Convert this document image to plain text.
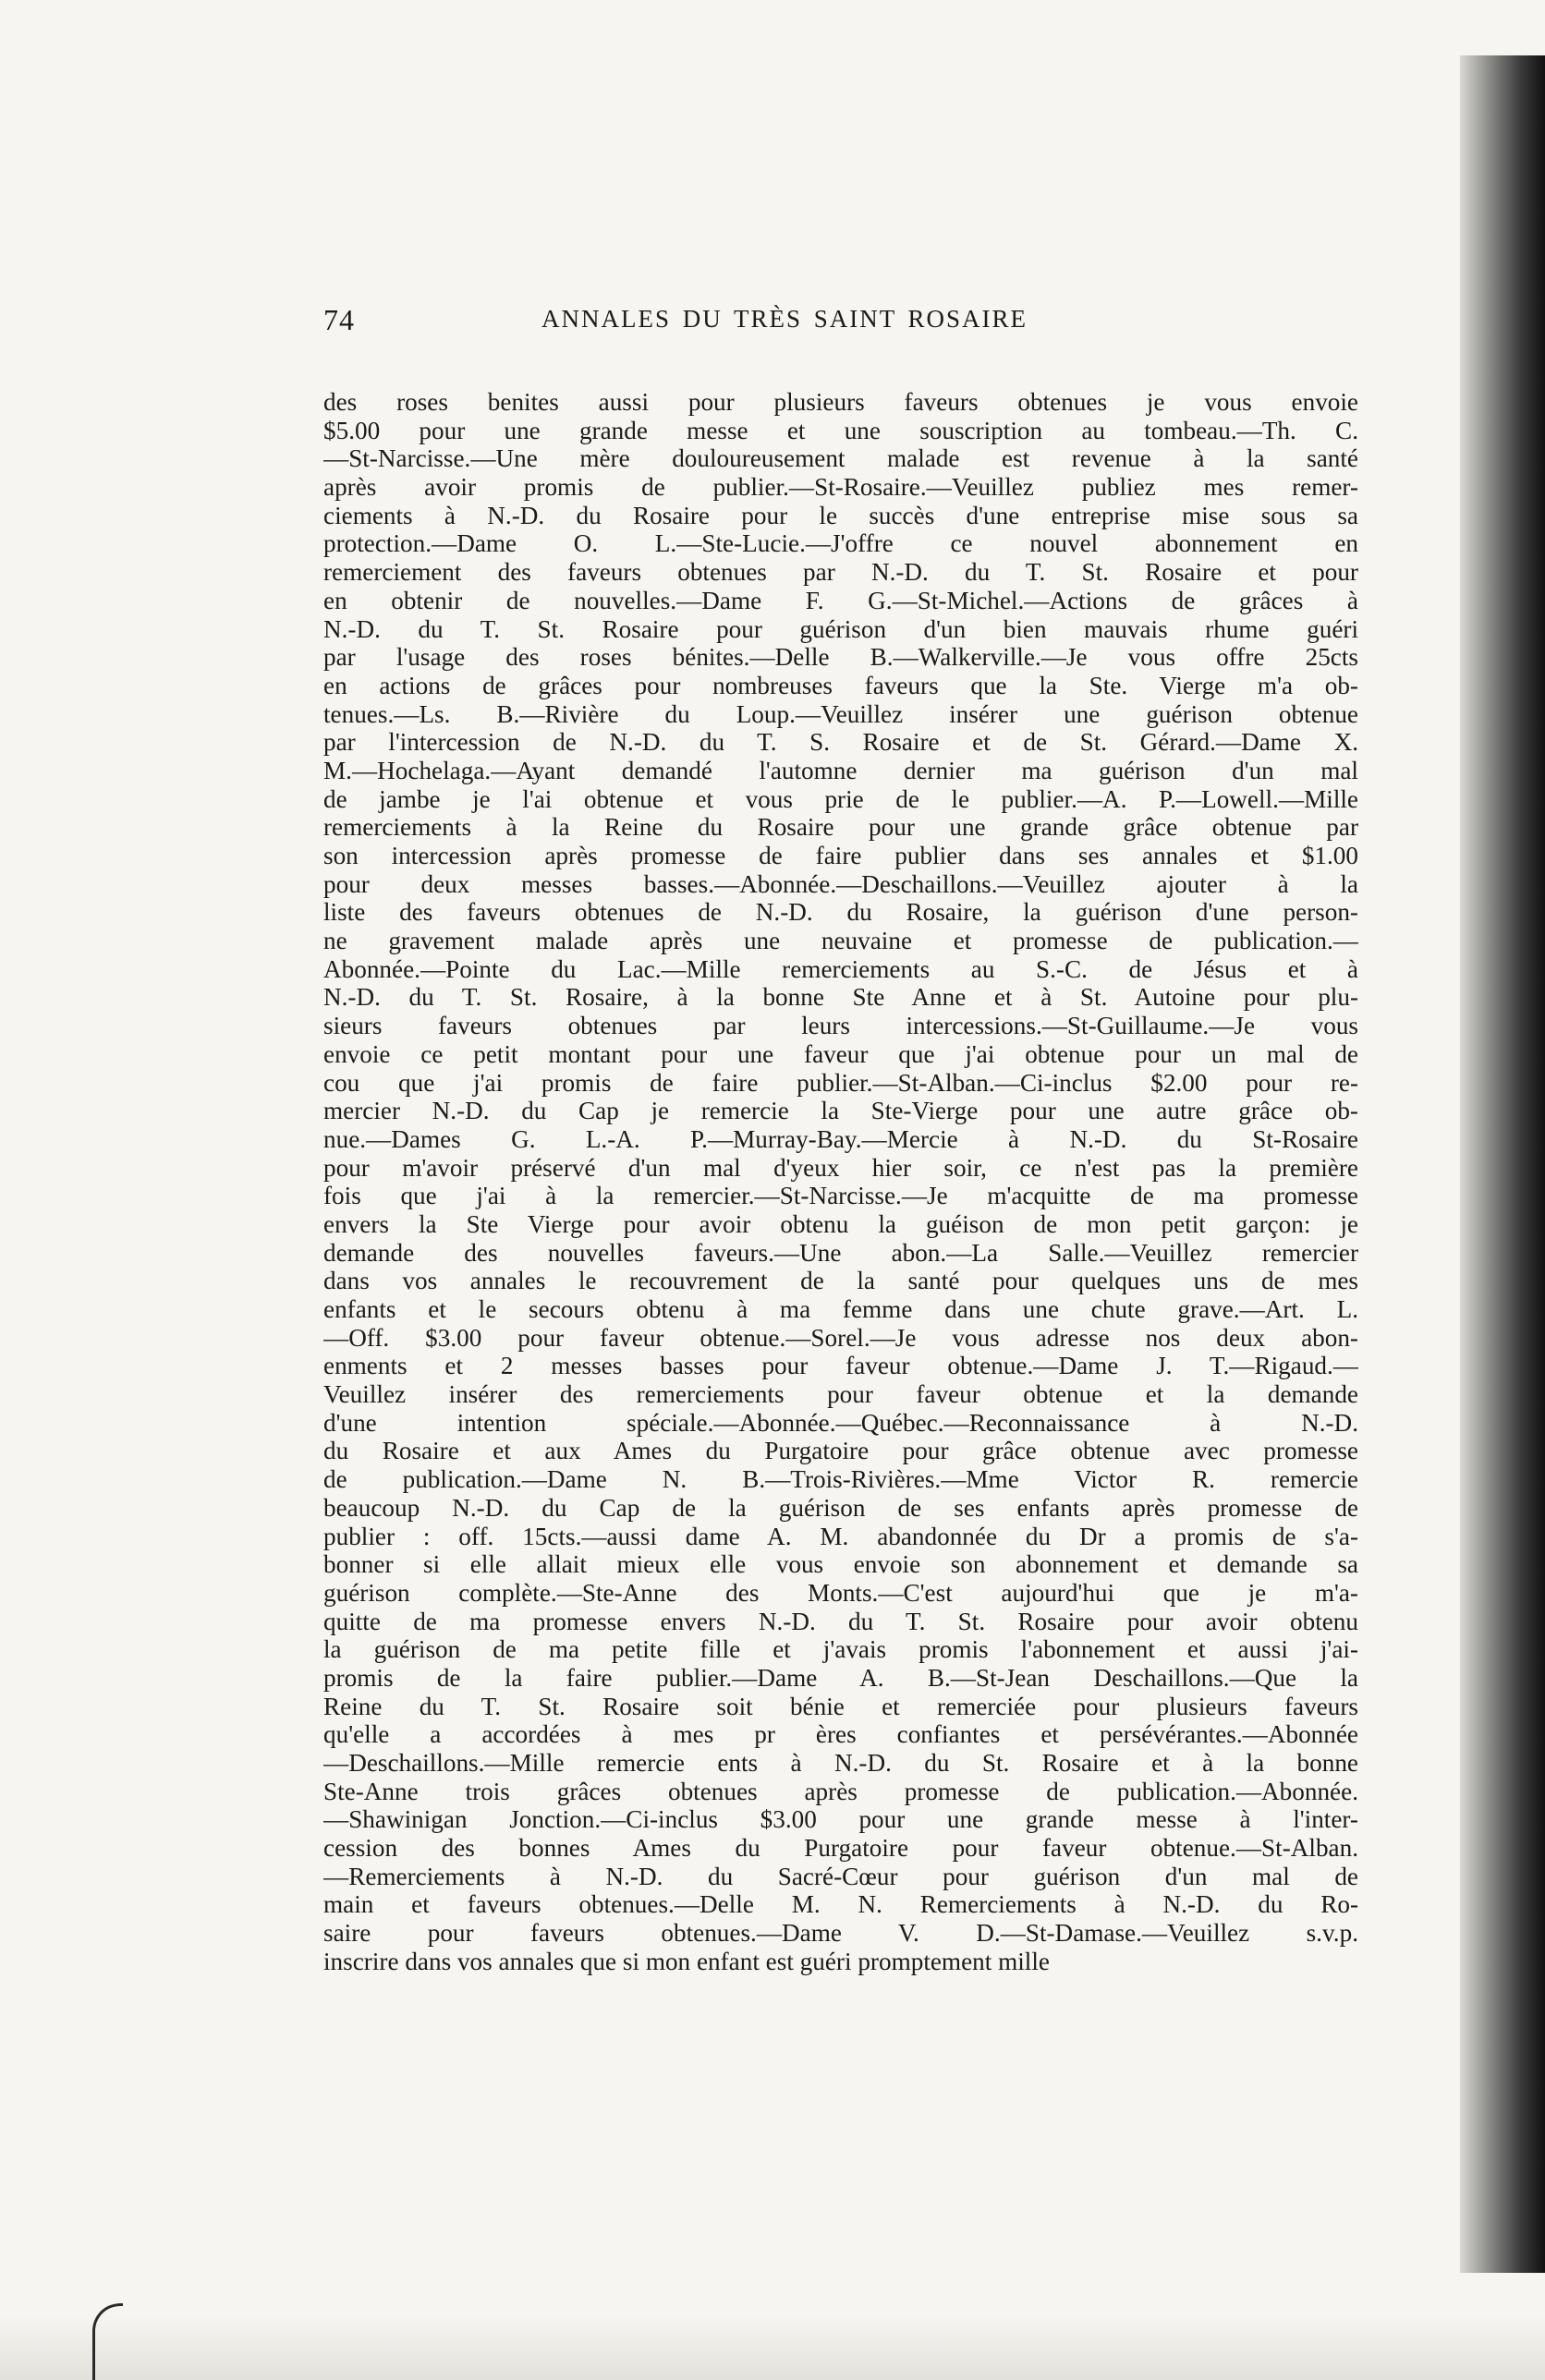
74	ANNALES DU TRÈS SAINT ROSAIRE
des roses benites aussi pour plusieurs faveurs obtenues je vous envoie
$5.00 pour une grande messe et une souscription au tombeau.—Th. C.
—St-Narcisse.—Une mère douloureusement malade est revenue à la santé
après avoir promis de publier.—St-Rosaire.—Veuillez publiez mes remer-
ciements à N.-D. du Rosaire pour le succès d'une entreprise mise sous sa
protection.—Dame O. L.—Ste-Lucie.—J'offre ce nouvel abonnement en
remerciement des faveurs obtenues par N.-D. du T. St. Rosaire et pour
en obtenir de nouvelles.—Dame F. G.—St-Michel.—Actions de grâces à
N.-D. du T. St. Rosaire pour guérison d'un bien mauvais rhume guéri
par l'usage des roses bénites.—Delle B.—Walkerville.—Je vous offre 25cts
en actions de grâces pour nombreuses faveurs que la Ste. Vierge m'a ob-
tenues.—Ls. B.—Rivière du Loup.—Veuillez insérer une guérison obtenue
par l'intercession de N.-D. du T. S. Rosaire et de St. Gérard.—Dame X.
M.—Hochelaga.—Ayant demandé l'automne dernier ma guérison d'un mal
de jambe je l'ai obtenue et vous prie de le publier.—A. P.—Lowell.—Mille
remerciements à la Reine du Rosaire pour une grande grâce obtenue par
son intercession après promesse de faire publier dans ses annales et $1.00
pour deux messes basses.—Abonnée.—Deschaillons.—Veuillez ajouter à la
liste des faveurs obtenues de N.-D. du Rosaire, la guérison d'une person-
ne gravement malade après une neuvaine et promesse de publication.—
Abonnée.—Pointe du Lac.—Mille remerciements au S.-C. de Jésus et à
N.-D. du T. St. Rosaire, à la bonne Ste Anne et à St. Autoine pour plu-
sieurs faveurs obtenues par leurs intercessions.—St-Guillaume.—Je vous
envoie ce petit montant pour une faveur que j'ai obtenue pour un mal de
cou que j'ai promis de faire publier.—St-Alban.—Ci-inclus $2.00 pour re-
mercier N.-D. du Cap je remercie la Ste-Vierge pour une autre grâce ob-
nue.—Dames G. L.-A. P.—Murray-Bay.—Mercie à N.-D. du St-Rosaire
pour m'avoir préservé d'un mal d'yeux hier soir, ce n'est pas la première
fois que j'ai à la remercier.—St-Narcisse.—Je m'acquitte de ma promesse
envers la Ste Vierge pour avoir obtenu la guéison de mon petit garçon: je
demande des nouvelles faveurs.—Une abon.—La Salle.—Veuillez remercier
dans vos annales le recouvrement de la santé pour quelques uns de mes
enfants et le secours obtenu à ma femme dans une chute grave.—Art. L.
—Off. $3.00 pour faveur obtenue.—Sorel.—Je vous adresse nos deux abon-
enments et 2 messes basses pour faveur obtenue.—Dame J. T.—Rigaud.—
Veuillez insérer des remerciements pour faveur obtenue et la demande
d'une intention spéciale.—Abonnée.—Québec.—Reconnaissance à N.-D.
du Rosaire et aux Ames du Purgatoire pour grâce obtenue avec promesse
de publication.—Dame N. B.—Trois-Rivières.—Mme Victor R. remercie
beaucoup N.-D. du Cap de la guérison de ses enfants après promesse de
publier : off. 15cts.—aussi dame A. M. abandonnée du Dr a promis de s'a-
bonner si elle allait mieux elle vous envoie son abonnement et demande sa
guérison complète.—Ste-Anne des Monts.—C'est aujourd'hui que je m'a-
quitte de ma promesse envers N.-D. du T. St. Rosaire pour avoir obtenu
la guérison de ma petite fille et j'avais promis l'abonnement et aussi j'ai-
promis de la faire publier.—Dame A. B.—St-Jean Deschaillons.—Que la
Reine du T. St. Rosaire soit bénie et remerciée pour plusieurs faveurs
qu'elle a accordées à mes pr ères confiantes et persévérantes.—Abonnée
—Deschaillons.—Mille remercie ents à N.-D. du St. Rosaire et à la bonne
Ste-Anne trois grâces obtenues après promesse de publication.—Abonnée.
—Shawinigan Jonction.—Ci-inclus $3.00 pour une grande messe à l'inter-
cession des bonnes Ames du Purgatoire pour faveur obtenue.—St-Alban.
—Remerciements à N.-D. du Sacré-Cœur pour guérison d'un mal de
main et faveurs obtenues.—Delle M. N. Remerciements à N.-D. du Ro-
saire pour faveurs obtenues.—Dame V. D.—St-Damase.—Veuillez s.v.p.
inscrire dans vos annales que si mon enfant est guéri promptement mille
